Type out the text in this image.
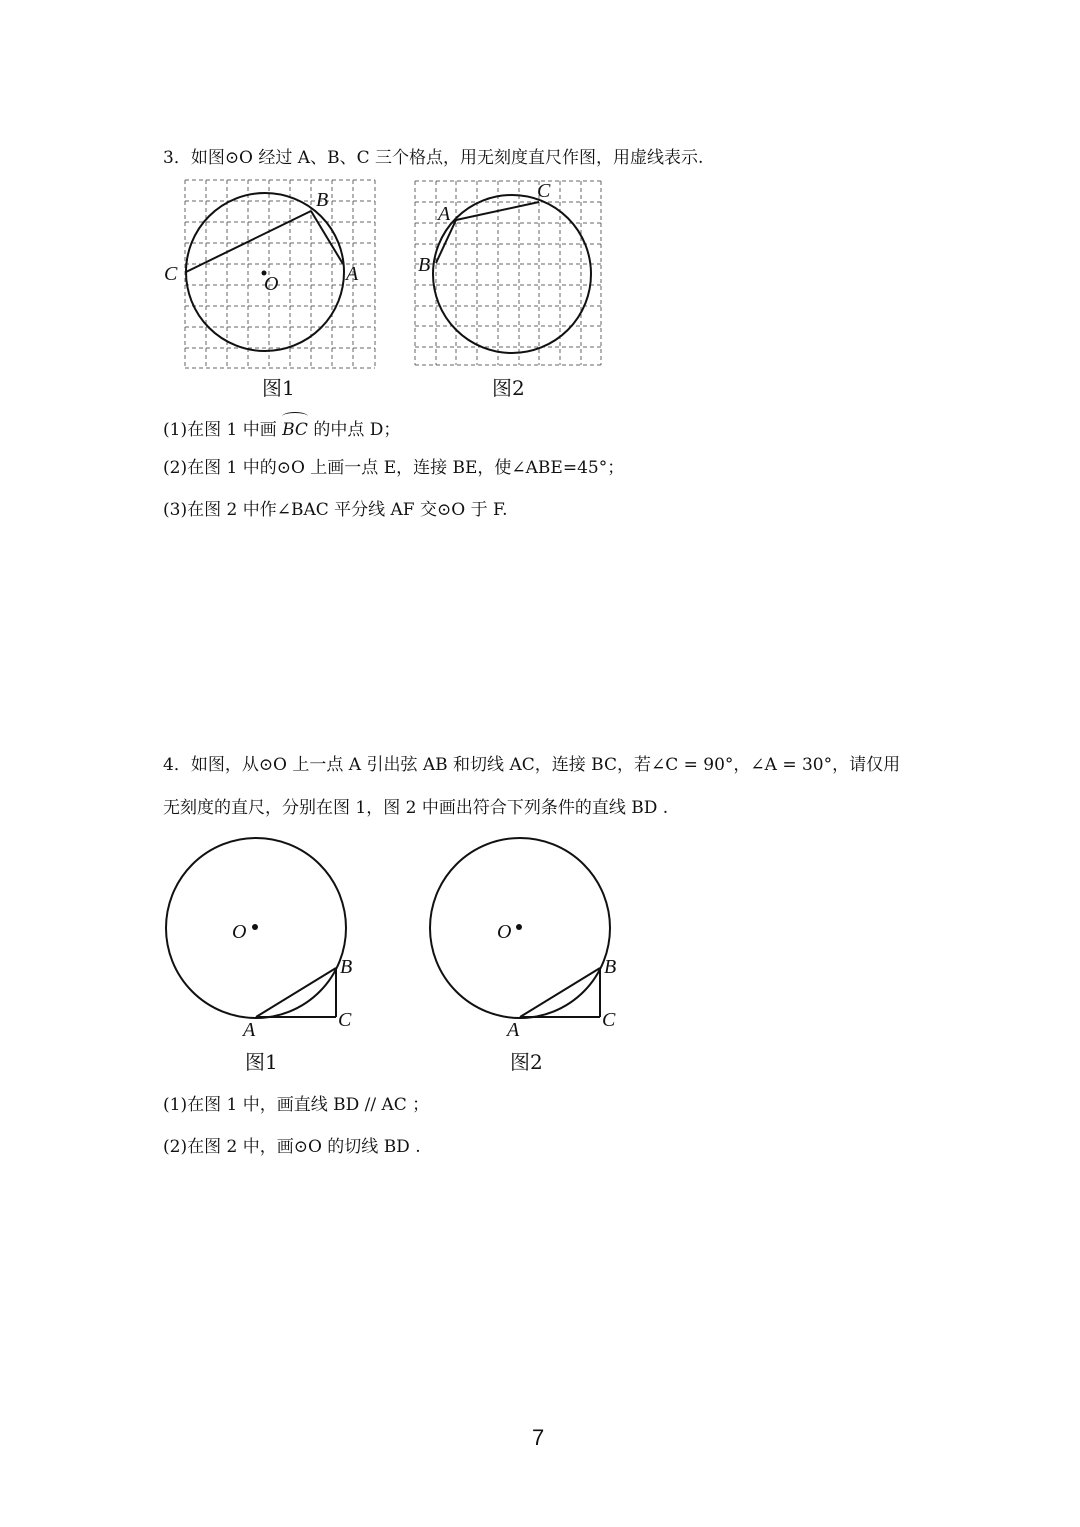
3．如图⊙O 经过 A、B、C 三个格点，用无刻度直尺作图，用虚线表示.
B
C	O	A
图1
C
A
B
图2
(1)在图 1 中画
BC 的中点 D；
(2)在图 1 中的⊙O 上画一点 E，连接 BE，使∠ABE=45°；
(3)在图 2 中作∠BAC 平分线 AF 交⊙O 于 F.
4．如图，从⊙O 上一点 A 引出弦 AB 和切线 AC，连接 BC，若∠C = 90°，∠A = 30°，请仅用
无刻度的直尺，分别在图 1，图 2 中画出符合下列条件的直线 BD .
O
B
A	C
图1
O
B
A	C
图2
(1)在图 1 中，画直线 BD // AC ；
(2)在图 2 中，画⊙O 的切线 BD .
7
